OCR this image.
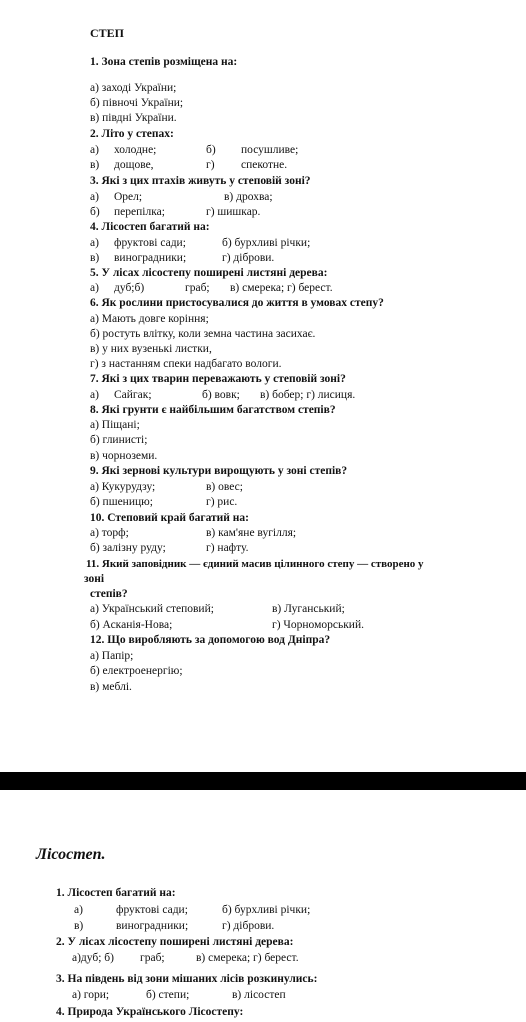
СТЕП
1. Зона степів розміщена на:
а) заході України;
б) півночі України;
в) півдні України.
2. Літо у степах:
а) холодне;	б) посушливе;
в) дощове,	г) спекотне.
3. Які з цих птахів живуть у степовій зоні?
а) Орел;	в) дрохва;
б) перепілка;	г) шишкар.
4. Лісостеп багатий на:
а) фруктові сади;	б) бурхливі річки;
в) виноградники;	г) діброви.
5. У лісах лісостепу поширені листяні дерева:
а) дуб;б)	граб; в) смерека; г) берест.
6. Як рослини пристосувалися до життя в умовах степу?
а) Мають довге коріння;
б) ростуть влітку, коли земна частина засихає.
в) у них вузенькі листки,
г) з настанням спеки надбагато вологи.
7. Які з цих тварин переважають у степовій зоні?
а) Сайгак;	б) вовк; в) бобер; г) лисиця.
8. Які грунти є найбільшим багатством степів?
а) Піщані;
б) глинисті;
в) чорноземи.
9. Які зернові культури вирощують у зоні степів?
а) Кукурудзу;	в) овес;
б) пшеницю;	г) рис.
10. Степовий край багатий на:
а) торф;	в) кам'яне вугілля;
б) залізну руду;	г) нафту.
11. Який заповідник — єдиний масив цілинного степу — створено у
зоні
степів?
а) Український степовий;	в) Луганський;
б) Асканія-Нова;	г) Чорноморський.
12. Що виробляють за допомогою вод Дніпра?
а) Папір;
б) електроенергію;
в) меблі.
Лісостеп.
1. Лісостеп багатий на:
а)	фруктові сади;	б) бурхливі річки;
в)	виноградники;	г) діброви.
2. У лісах лісостепу поширені листяні дерева:
а)дуб; б) граб;	в) смерека; г) берест.
3. На південь від зони мішаних лісів розкинулись:
а) гори;	б) степи;	в) лісостеп
4. Природа Українського Лісостепу:
